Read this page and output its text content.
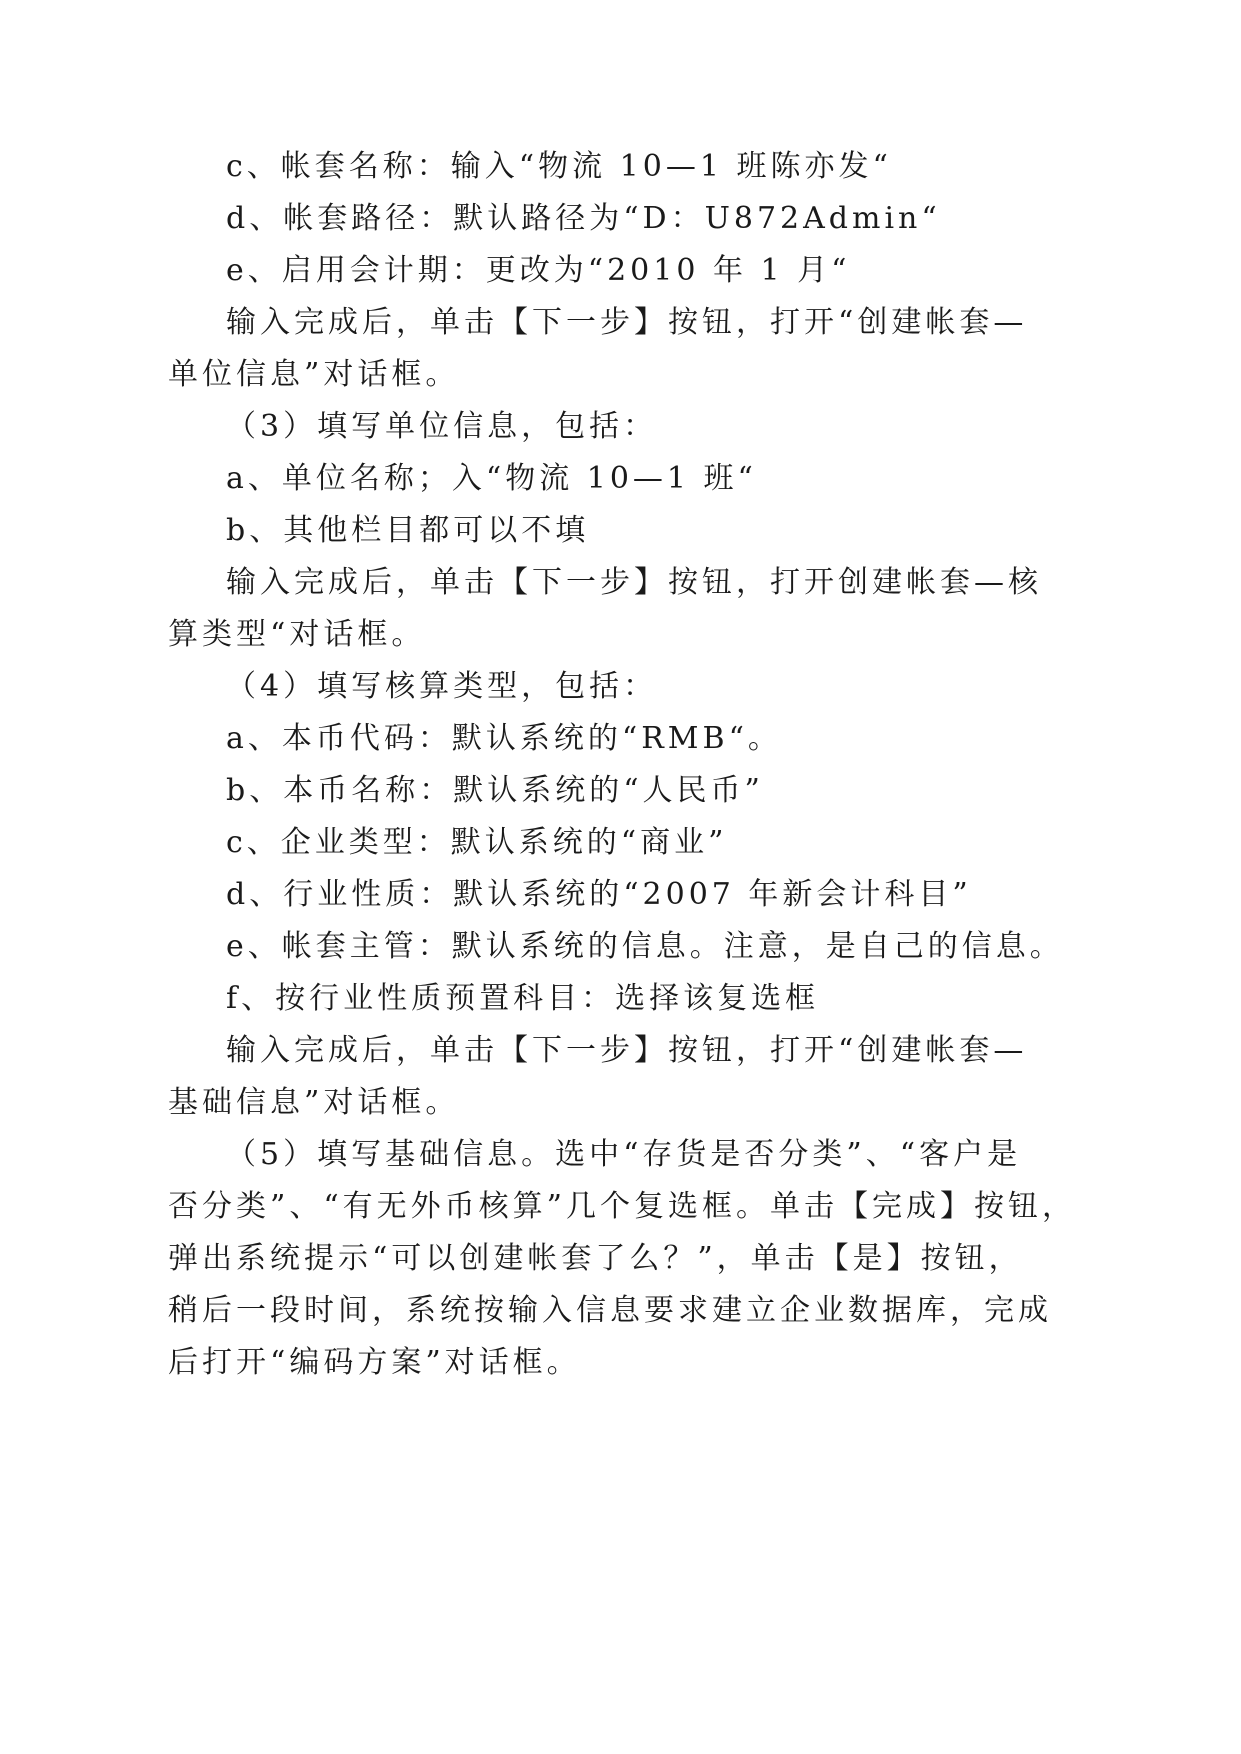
c、帐套名称：输入“物流 10—1 班陈亦发“
d、帐套路径：默认路径为“D：U872Admin“
e、启用会计期：更改为“2010 年 1 月“
输入完成后，单击【下一步】按钮，打开“创建帐套—
单位信息”对话框。
（3）填写单位信息，包括：
a、单位名称；入“物流 10—1 班“
b、其他栏目都可以不填
输入完成后，单击【下一步】按钮，打开创建帐套—核
算类型“对话框。
（4）填写核算类型，包括：
a、本币代码：默认系统的“RMB“。
b、本币名称：默认系统的“人民币”
c、企业类型：默认系统的“商业”
d、行业性质：默认系统的“2007 年新会计科目”
e、帐套主管：默认系统的信息。注意，是自己的信息。
f、按行业性质预置科目：选择该复选框
输入完成后，单击【下一步】按钮，打开“创建帐套—
基础信息”对话框。
（5）填写基础信息。选中“存货是否分类”、“客户是
否分类”、“有无外币核算”几个复选框。单击【完成】按钮，
弹出系统提示“可以创建帐套了么？”，单击【是】按钮，
稍后一段时间，系统按输入信息要求建立企业数据库，完成
后打开“编码方案”对话框。
